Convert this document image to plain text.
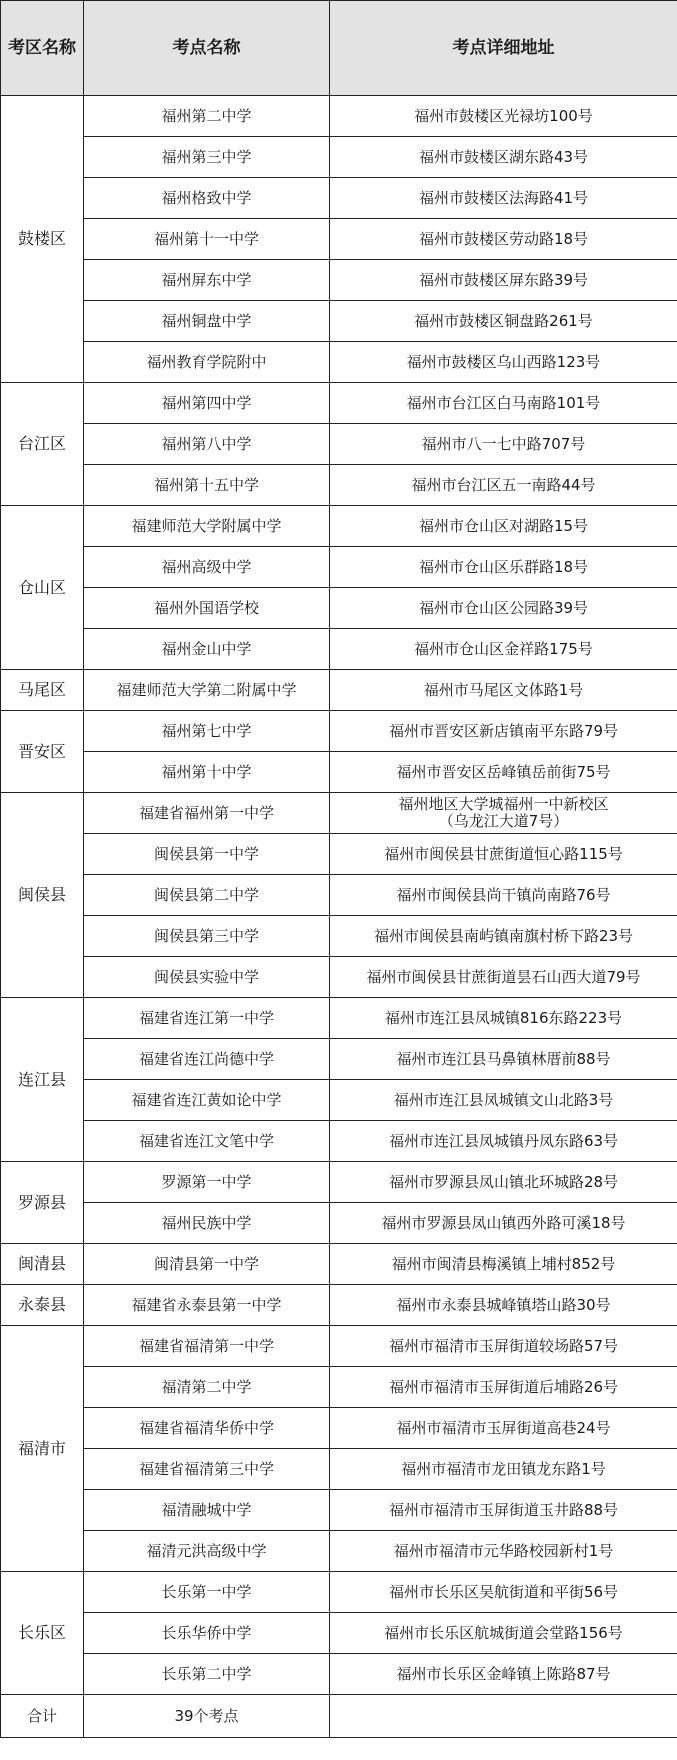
考区名称	考点名称	考点详细地址
鼓楼区	福州第二中学	福州市鼓楼区光禄坊100号
	福州第三中学	福州市鼓楼区湖东路43号
	福州格致中学	福州市鼓楼区法海路41号
	福州第十一中学	福州市鼓楼区劳动路18号
	福州屏东中学	福州市鼓楼区屏东路39号
	福州铜盘中学	福州市鼓楼区铜盘路261号
	福州教育学院附中	福州市鼓楼区乌山西路123号
台江区	福州第四中学	福州市台江区白马南路101号
	福州第八中学	福州市八一七中路707号
	福州第十五中学	福州市台江区五一南路44号
仓山区	福建师范大学附属中学	福州市仓山区对湖路15号
	福州高级中学	福州市仓山区乐群路18号
	福州外国语学校	福州市仓山区公园路39号
	福州金山中学	福州市仓山区金祥路175号
马尾区	福建师范大学第二附属中学	福州市马尾区文体路1号
晋安区	福州第七中学	福州市晋安区新店镇南平东路79号
	福州第十中学	福州市晋安区岳峰镇岳前街75号
闽侯县	福建省福州第一中学	福州地区大学城福州一中新校区
（乌龙江大道7号）

	闽侯县第一中学	福州市闽侯县甘蔗街道恒心路115号
	闽侯县第二中学	福州市闽侯县尚干镇尚南路76号
	闽侯县第三中学	福州市闽侯县南屿镇南旗村桥下路23号
	闽侯县实验中学	福州市闽侯县甘蔗街道昙石山西大道79号
连江县	福建省连江第一中学	福州市连江县凤城镇816东路223号
	福建省连江尚德中学	福州市连江县马鼻镇林厝前88号
	福建省连江黄如论中学	福州市连江县凤城镇文山北路3号
	福建省连江文笔中学	福州市连江县凤城镇丹凤东路63号
罗源县	罗源第一中学	福州市罗源县凤山镇北环城路28号
	福州民族中学	福州市罗源县凤山镇西外路可溪18号
闽清县	闽清县第一中学	福州市闽清县梅溪镇上埔村852号
永泰县	福建省永泰县第一中学	福州市永泰县城峰镇塔山路30号
福清市	福建省福清第一中学	福州市福清市玉屏街道较场路57号
	福清第二中学	福州市福清市玉屏街道后埔路26号
	福建省福清华侨中学	福州市福清市玉屏街道高巷24号
	福建省福清第三中学	福州市福清市龙田镇龙东路1号
	福清融城中学	福州市福清市玉屏街道玉井路88号
	福清元洪高级中学	福州市福清市元华路校园新村1号
长乐区	长乐第一中学	福州市长乐区吴航街道和平街56号
	长乐华侨中学	福州市长乐区航城街道会堂路156号
	长乐第二中学	福州市长乐区金峰镇上陈路87号
合计	39个考点	
